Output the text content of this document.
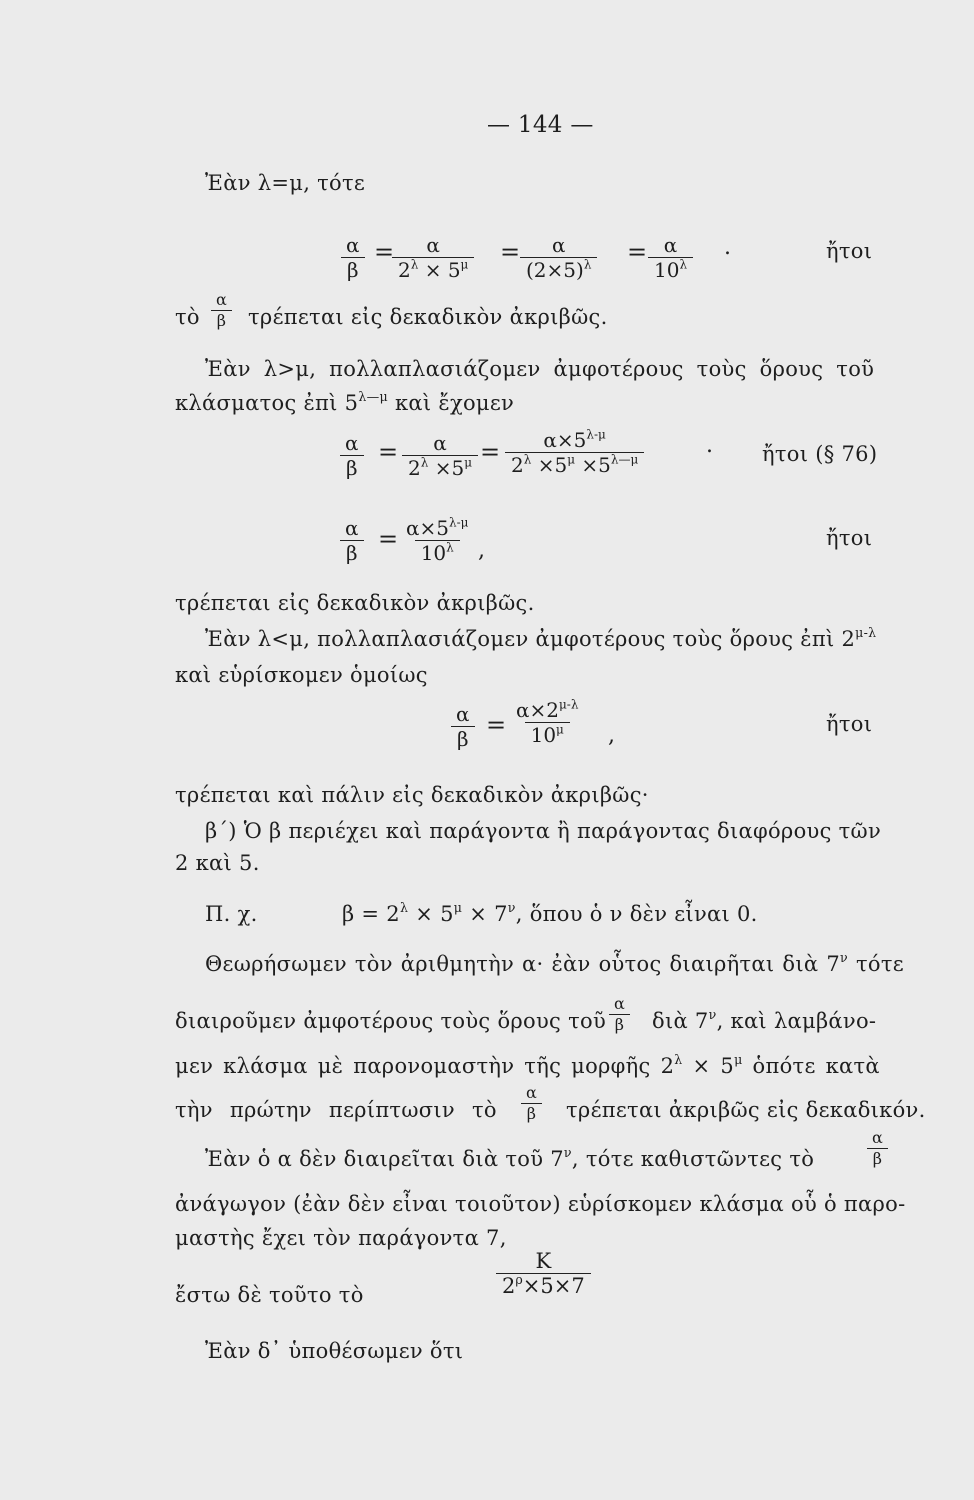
— 144 —
Ἐὰν λ=μ, τότε
$\frac{\alpha}{\beta}$ =
$\frac{\alpha}{2^\lambda \times 5^\mu} = \frac{\alpha}{(2\times 5)^\lambda} = \frac{\alpha}{10^\lambda}$ .	ἤτοι
τὸ $\frac{\alpha}{\beta}$ τρέπεται εἰς δεκαδικὸν ἀκριβῶς.
Ἐὰν λ>μ, πολλαπλασιάζομεν ἀμφοτέρους τοὺς ὅρους τοῦ
κλάσματος ἐπὶ $5^{\lambda—\mu}$ καὶ ἔχομεν
$\frac{\alpha}{\beta} = \frac{\alpha}{2^\lambda \times 5^\mu} = \frac{\alpha\times 5^{\lambda-\mu}}{2^\lambda \times 5^\mu \times 5^{\lambda—\mu}}$	. ἤτοι (§ 76)
$\frac{\alpha}{\beta} = \frac{\alpha\times 5^{\lambda-\mu}}{10^\lambda}$ ,	ἤτοι
τρέπεται εἰς δεκαδικὸν ἀκριβῶς.
Ἐὰν λ<μ, πολλαπλασιάζομεν ἀμφοτέρους τοὺς ὅρους ἐπὶ $2^{\mu-\lambda}$
καὶ εὑρίσκομεν ὁμοίως
$\frac{\alpha}{\beta} = \frac{\alpha\times 2^{\mu-\lambda}}{10^\mu}$ ,	ἤτοι
τρέπεται καὶ πάλιν εἰς δεκαδικὸν ἀκριβῶς·
β΄) Ὁ β περιέχει καὶ παράγοντα ἢ παράγοντας διαφόρους τῶν
2 καὶ 5.
Π. χ.	$\beta = 2^\lambda \times 5^\mu \times 7^\nu$, ὅπου ὁ ν δὲν εἶναι 0.
Θεωρήσωμεν τὸν ἀριθμητὴν α· ἐὰν οὗτος διαιρῆται διὰ $7^\nu$ τότε
διαιροῦμεν ἀμφοτέρους τοὺς ὅρους τοῦ $\frac{\alpha}{\beta}$ διὰ $7^\nu$, καὶ λαμβάνο-
μεν κλάσμα μὲ παρονομαστὴν τῆς μορφῆς $2^\lambda \times 5^\mu$ ὁπότε κατὰ
τὴν πρώτην περίπτωσιν τὸ $\frac{\alpha}{\beta}$ τρέπεται ἀκριβῶς εἰς δεκαδικόν.
Ἐὰν ὁ α δὲν διαιρεῖται διὰ τοῦ $7^\nu$, τότε καθιστῶντες τὸ	$\frac{\alpha}{\beta}$
ἀνάγωγον (ἐὰν δὲν εἶναι τοιοῦτον) εὑρίσκομεν κλάσμα οὗ ὁ παρο-
μαστὴς ἔχει τὸν παράγοντα 7,
ἔστω δὲ τοῦτο τὸ	$\frac{K}{2^\rho\times 5\times 7}$
Ἐὰν δ᾿ ὑποθέσωμεν ὅτι
